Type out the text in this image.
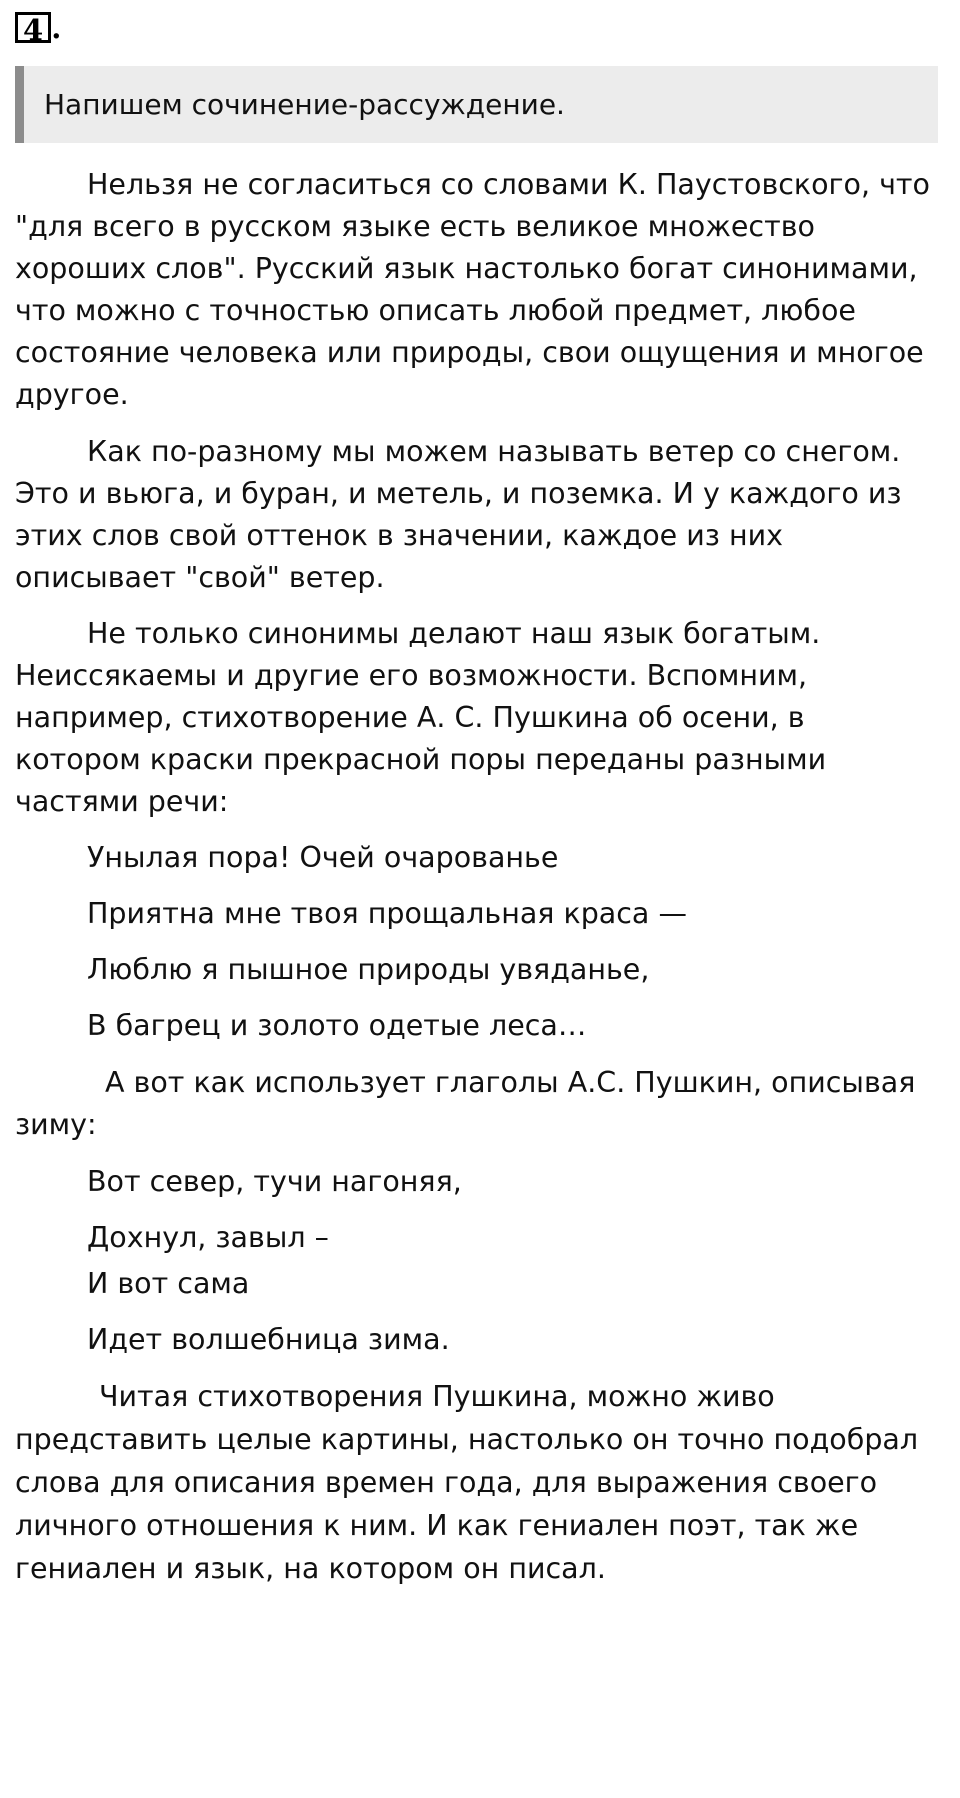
4 .
Напишем сочинение-рассуждение.
Нельзя не согласиться со словами К. Паустовского, что
"для всего в русском языке есть великое множество
хороших слов". Русский язык настолько богат синонимами,
что можно с точностью описать любой предмет, любое
состояние человека или природы, свои ощущения и многое
другое.
Как по-разному мы можем называть ветер со снегом.
Это и вьюга, и буран, и метель, и поземка. И у каждого из
этих слов свой оттенок в значении, каждое из них
описывает "свой" ветер.
Не только синонимы делают наш язык богатым.
Неиссякаемы и другие его возможности. Вспомним,
например, стихотворение А. С. Пушкина об осени, в
котором краски прекрасной поры переданы разными
частями речи:
Унылая пора! Очей очарованье
Приятна мне твоя прощальная краса —
Люблю я пышное природы увяданье,
В багрец и золото одетые леса…
А вот как использует глаголы А.С. Пушкин, описывая
зиму:
Вот север, тучи нагоняя,
Дохнул, завыл –
И вот сама
Идет волшебница зима.
Читая стихотворения Пушкина, можно живо
представить целые картины, настолько он точно подобрал
слова для описания времен года, для выражения своего
личного отношения к ним. И как гениален поэт, так же
гениален и язык, на котором он писал.
